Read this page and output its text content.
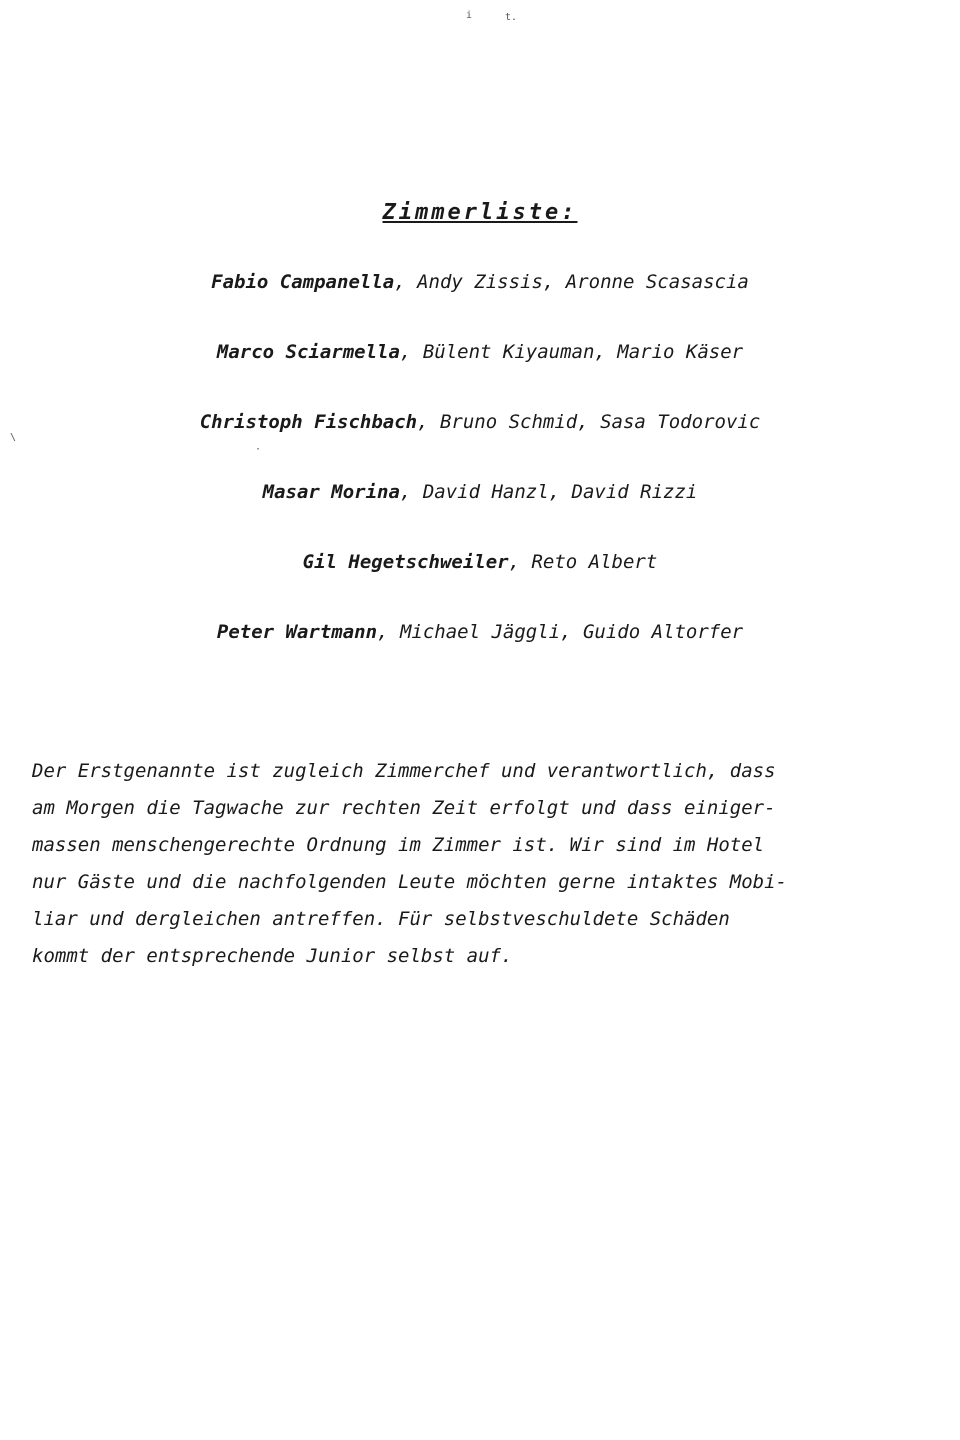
i	t.
\
·
Zimmerliste:
Fabio Campanella, Andy Zissis, Aronne Scasascia
Marco Sciarmella, Bülent Kiyauman, Mario Käser
Christoph Fischbach, Bruno Schmid, Sasa Todorovic
Masar Morina, David Hanzl, David Rizzi
Gil Hegetschweiler, Reto Albert
Peter Wartmann, Michael Jäggli, Guido Altorfer

Der Erstgenannte ist zugleich Zimmerchef und verantwortlich, dass
am Morgen die Tagwache zur rechten Zeit erfolgt und dass einiger-
massen menschengerechte Ordnung im Zimmer ist. Wir sind im Hotel
nur Gäste und die nachfolgenden Leute möchten gerne intaktes Mobi-
liar und dergleichen antreffen. Für selbstveschuldete Schäden
kommt der entsprechende Junior selbst auf.
